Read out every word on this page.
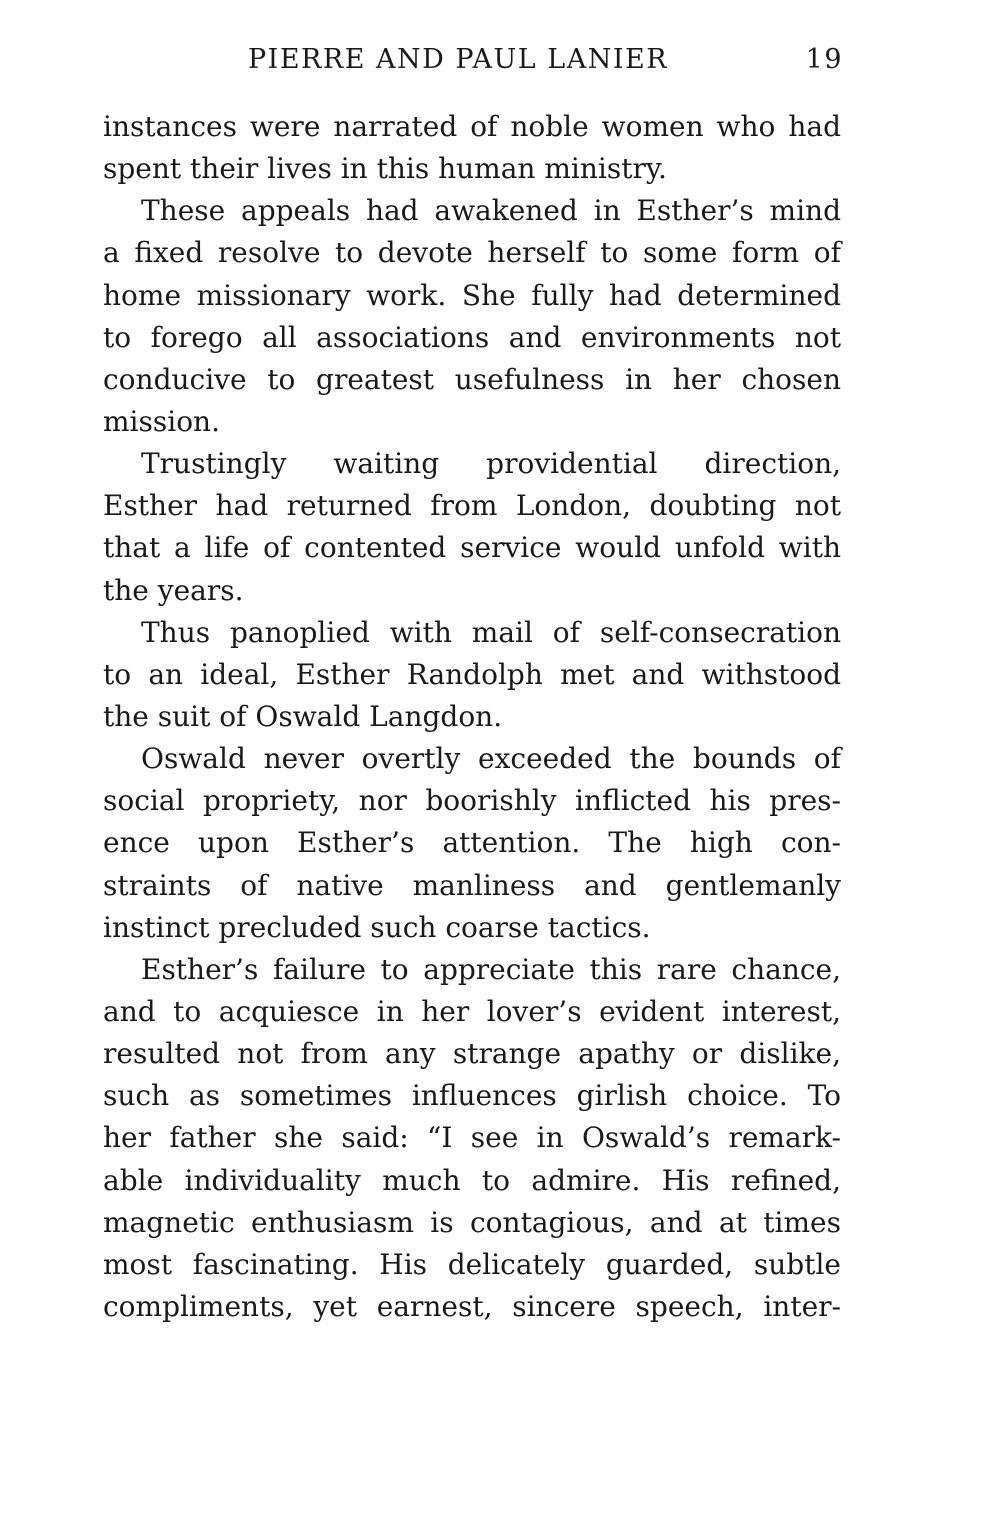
PIERRE AND PAUL LANIER	19
instances were narrated of noble women who had
spent their lives in this human ministry.
These appeals had awakened in Esther’s mind
a fixed resolve to devote herself to some form of
home missionary work. She fully had determined
to forego all associations and environments not
conducive to greatest usefulness in her chosen
mission.
Trustingly waiting providential direction,
Esther had returned from London, doubting not
that a life of contented service would unfold with
the years.
Thus panoplied with mail of self-consecration
to an ideal, Esther Randolph met and withstood
the suit of Oswald Langdon.
Oswald never overtly exceeded the bounds of
social propriety, nor boorishly inflicted his pres-
ence upon Esther’s attention. The high con-
straints of native manliness and gentlemanly
instinct precluded such coarse tactics.
Esther’s failure to appreciate this rare chance,
and to acquiesce in her lover’s evident interest,
resulted not from any strange apathy or dislike,
such as sometimes influences girlish choice. To
her father she said: “I see in Oswald’s remark-
able individuality much to admire. His refined,
magnetic enthusiasm is contagious, and at times
most fascinating. His delicately guarded, subtle
compliments, yet earnest, sincere speech, inter-
